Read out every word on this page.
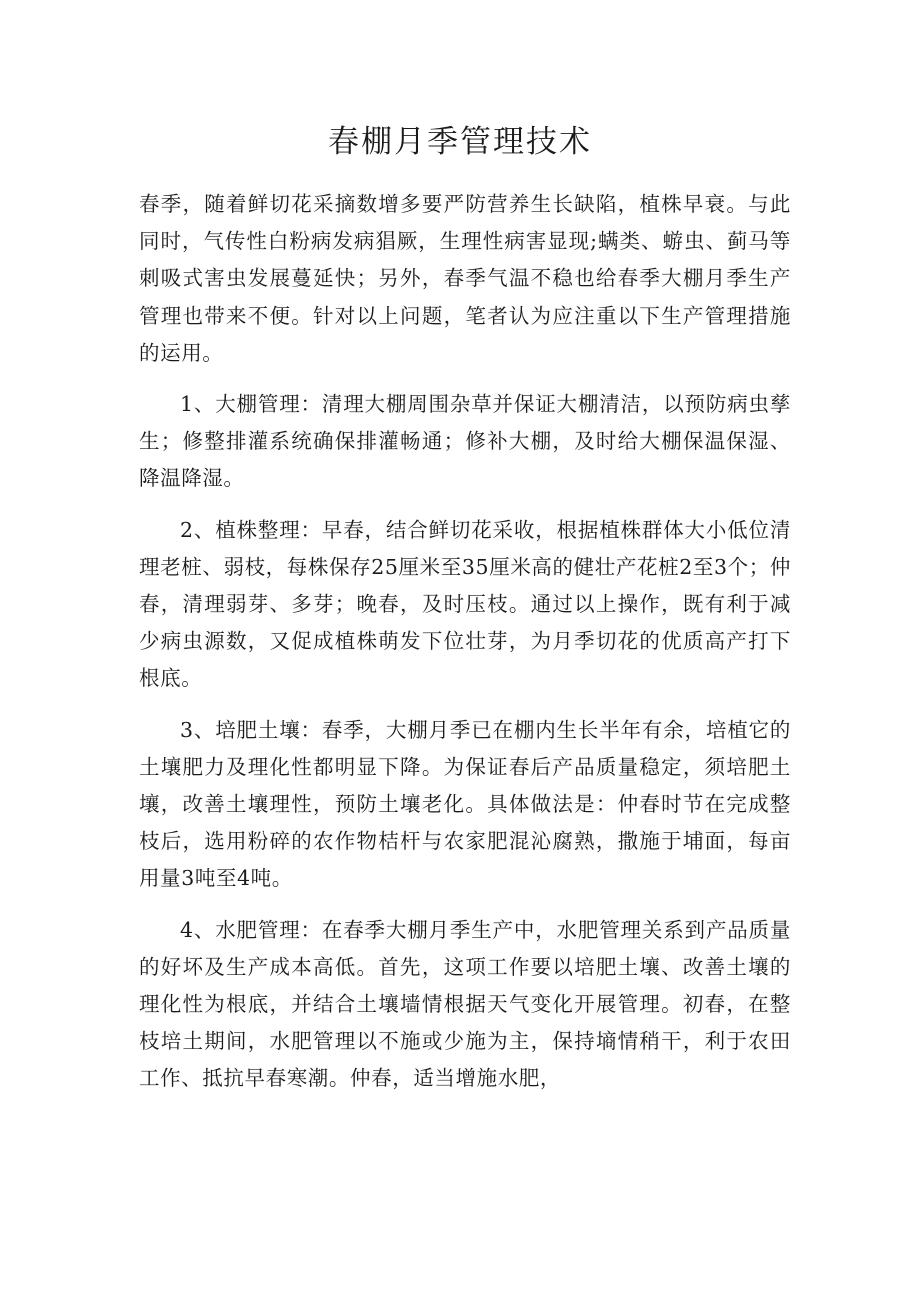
春棚月季管理技术

春季，随着鲜切花采摘数增多要严防营养生长缺陷，植株早衰。与此同时，气传性白粉病发病猖厥，生理性病害显现;螨类、蝣虫、蓟马等刺吸式害虫发展蔓延快；另外，春季气温不稳也给春季大棚月季生产管理也带来不便。针对以上问题，笔者认为应注重以下生产管理措施的运用。

1、大棚管理：清理大棚周围杂草并保证大棚清洁，以预防病虫孳生；修整排灌系统确保排灌畅通；修补大棚，及时给大棚保温保湿、降温降湿。

2、植株整理：早春，结合鲜切花采收，根据植株群体大小低位清理老桩、弱枝，每株保存25厘米至35厘米高的健壮产花桩2至3个；仲春，清理弱芽、多芽；晚春，及时压枝。通过以上操作，既有利于减少病虫源数，又促成植株萌发下位壮芽，为月季切花的优质高产打下根底。

3、培肥土壤：春季，大棚月季已在棚内生长半年有余，培植它的土壤肥力及理化性都明显下降。为保证春后产品质量稳定，须培肥土壤，改善土壤理性，预防土壤老化。具体做法是：仲春时节在完成整枝后，选用粉碎的农作物桔杆与农家肥混沁腐熟，撒施于埔面，每亩用量3吨至4吨。

4、水肥管理：在春季大棚月季生产中，水肥管理关系到产品质量的好坏及生产成本高低。首先，这项工作要以培肥土壤、改善土壤的理化性为根底，并结合土壤墙情根据天气变化开展管理。初春，在整枝培土期间，水肥管理以不施或少施为主，保持墒情稍干，利于农田工作、抵抗早春寒潮。仲春，适当增施水肥，
